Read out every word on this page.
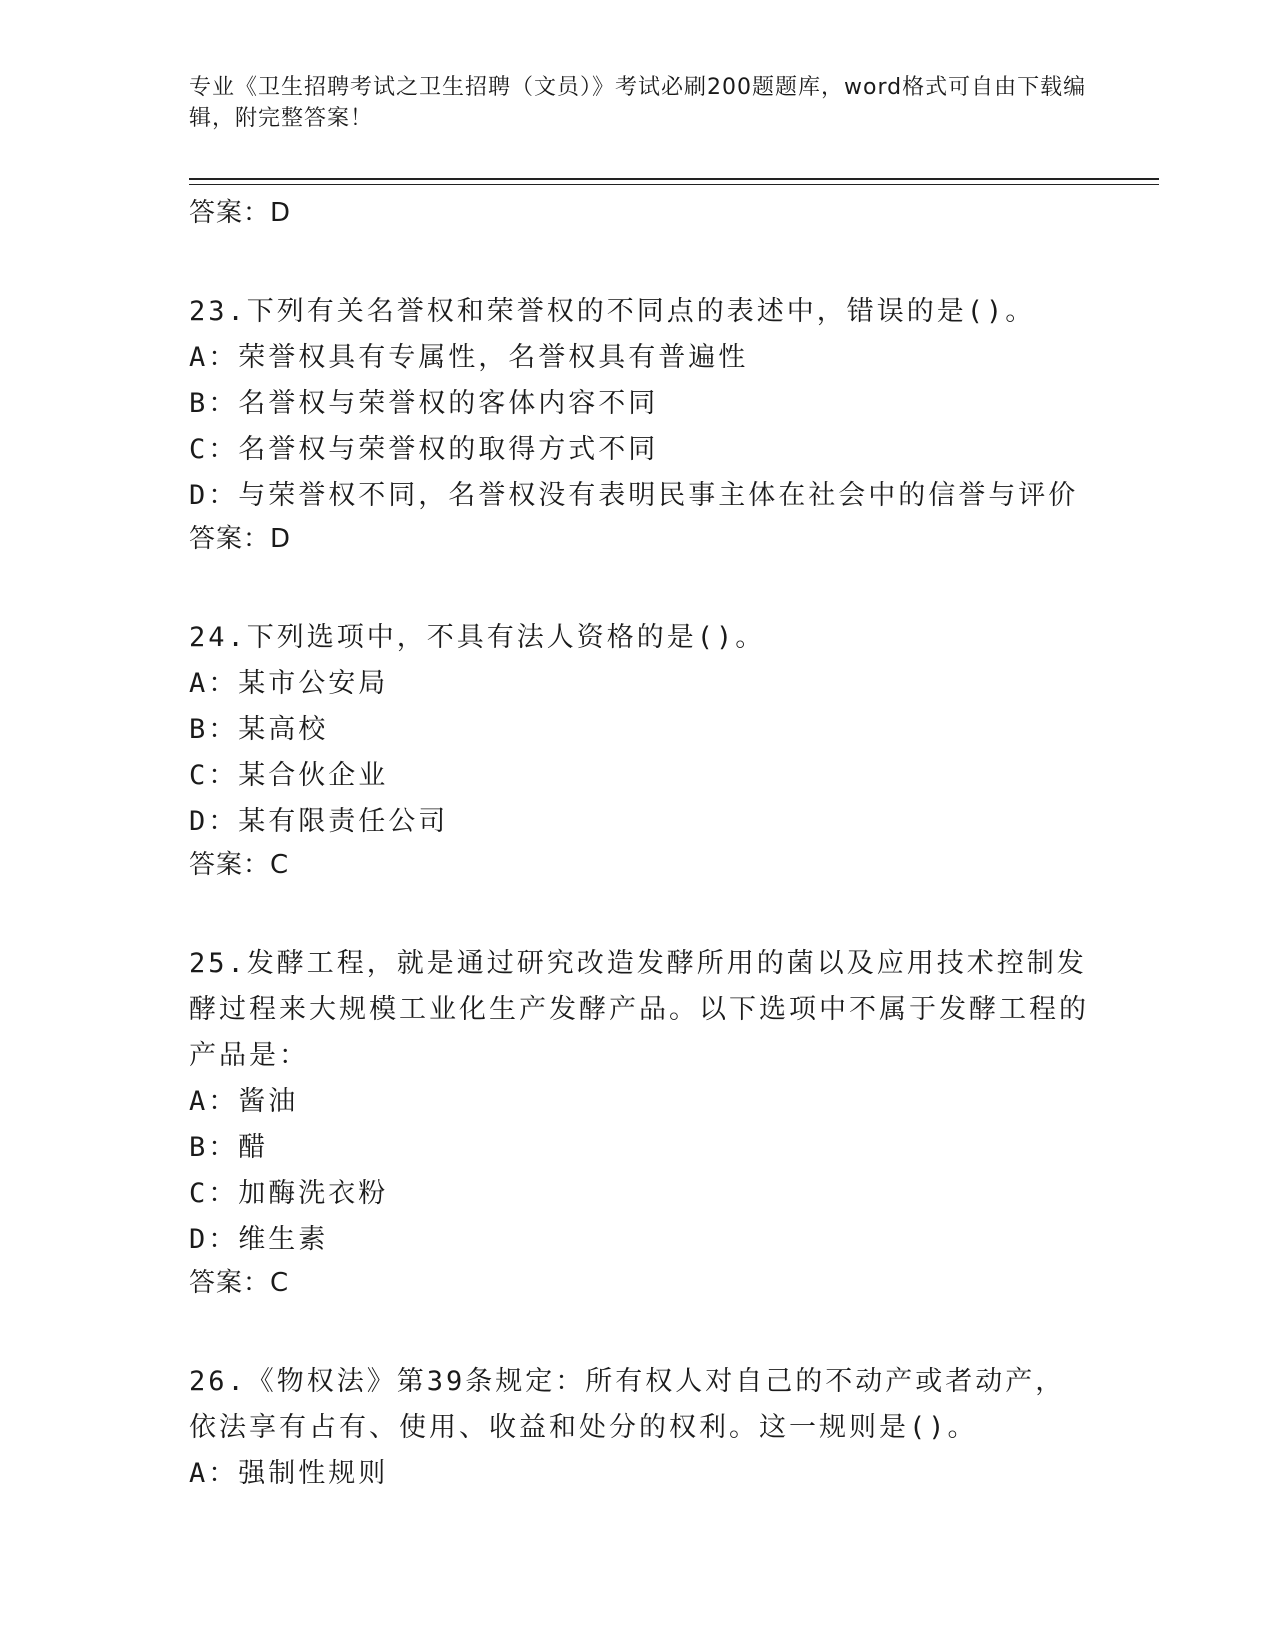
专业《卫生招聘考试之卫生招聘（文员）》考试必刷200题题库，word格式可自由下载编辑，附完整答案！
答案：D
23.下列有关名誉权和荣誉权的不同点的表述中，错误的是()。
A：荣誉权具有专属性，名誉权具有普遍性
B：名誉权与荣誉权的客体内容不同
C：名誉权与荣誉权的取得方式不同
D：与荣誉权不同，名誉权没有表明民事主体在社会中的信誉与评价
答案：D
24.下列选项中，不具有法人资格的是()。
A：某市公安局
B：某高校
C：某合伙企业
D：某有限责任公司
答案：C
25.发酵工程，就是通过研究改造发酵所用的菌以及应用技术控制发酵过程来大规模工业化生产发酵产品。以下选项中不属于发酵工程的产品是：
A：酱油
B：醋
C：加酶洗衣粉
D：维生素
答案：C
26.《物权法》第39条规定：所有权人对自己的不动产或者动产，依法享有占有、使用、收益和处分的权利。这一规则是()。
A：强制性规则
